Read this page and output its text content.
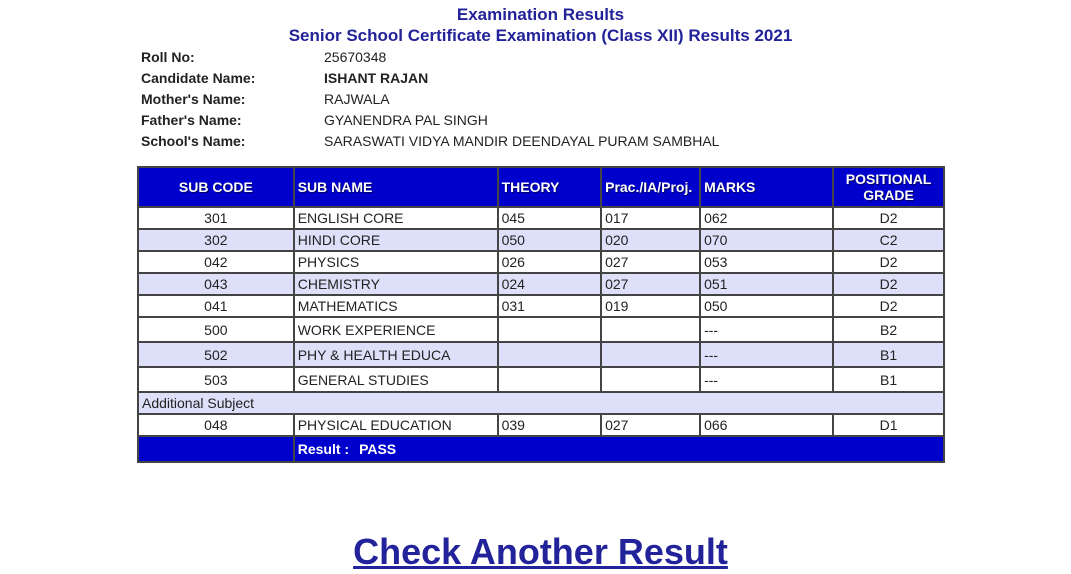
Examination Results
Senior School Certificate Examination (Class XII) Results 2021
Roll No:	25670348
Candidate Name:	ISHANT RAJAN
Mother's Name:	RAJWALA
Father's Name:	GYANENDRA PAL SINGH
School's Name:	SARASWATI VIDYA MANDIR DEENDAYAL PURAM SAMBHAL
SUB CODE	SUB NAME	THEORY	Prac./IA/Proj.	MARKS	POSITIONAL GRADE
301	ENGLISH CORE	045	017	062	D2
302	HINDI CORE	050	020	070	C2
042	PHYSICS	026	027	053	D2
043	CHEMISTRY	024	027	051	D2
041	MATHEMATICS	031	019	050	D2
500	WORK EXPERIENCE			---	B2
502	PHY & HEALTH EDUCA			---	B1
503	GENERAL STUDIES			---	B1
Additional Subject					
048	PHYSICAL EDUCATION	039	027	066	D1
	Result : PASS				
Check Another Result
